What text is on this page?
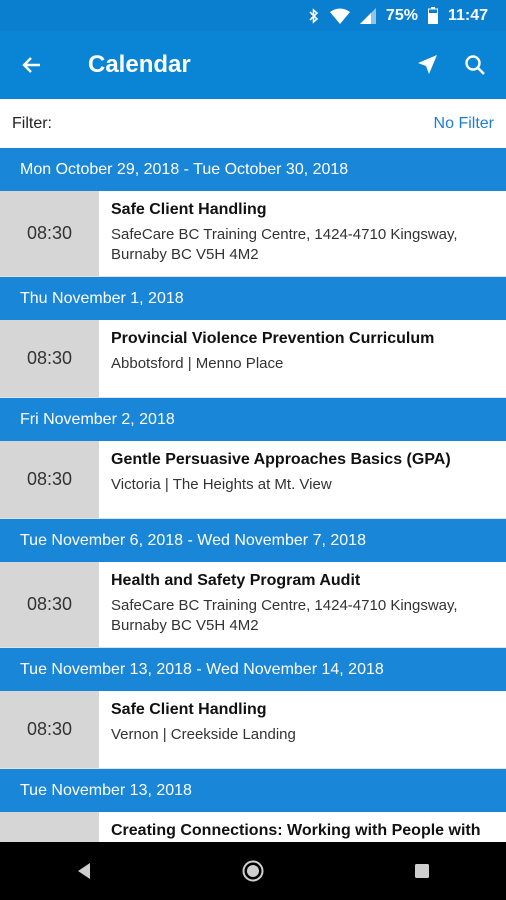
75% 11:47
Calendar
Filter:	No Filter
Mon October 29, 2018 - Tue October 30, 2018
08:30
Safe Client Handling
SafeCare BC Training Centre, 1424-4710 Kingsway, Burnaby BC V5H 4M2
Thu November 1, 2018
08:30
Provincial Violence Prevention Curriculum
Abbotsford | Menno Place
Fri November 2, 2018
08:30
Gentle Persuasive Approaches Basics (GPA)
Victoria | The Heights at Mt. View
Tue November 6, 2018 - Wed November 7, 2018
08:30
Health and Safety Program Audit
SafeCare BC Training Centre, 1424-4710 Kingsway, Burnaby BC V5H 4M2
Tue November 13, 2018 - Wed November 14, 2018
08:30
Safe Client Handling
Vernon | Creekside Landing
Tue November 13, 2018
Creating Connections: Working with People with
